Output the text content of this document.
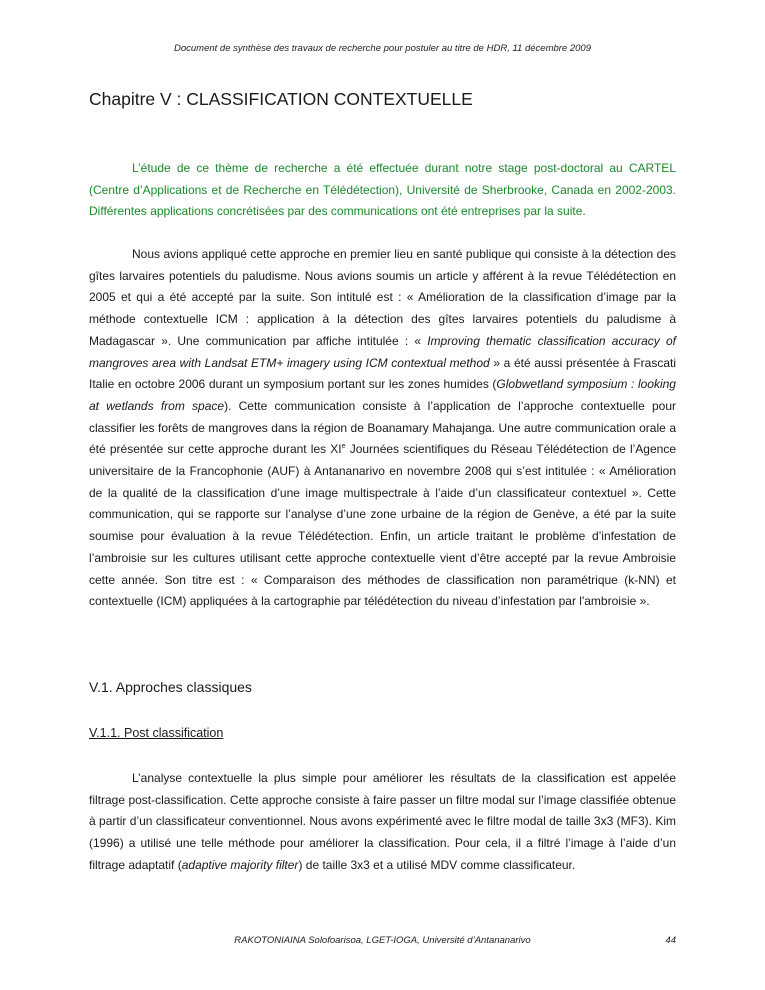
Document de synthèse des travaux de recherche pour postuler au titre de HDR, 11 décembre 2009
Chapitre V : CLASSIFICATION CONTEXTUELLE

L’étude de ce thème de recherche a été effectuée durant notre stage post-doctoral au CARTEL (Centre d’Applications et de Recherche en Télédétection), Université de Sherbrooke, Canada en 2002-2003. Différentes applications concrétisées par des communications ont été entreprises par la suite.

Nous avions appliqué cette approche en premier lieu en santé publique qui consiste à la détection des gîtes larvaires potentiels du paludisme. Nous avions soumis un article y afférent à la revue Télédétection en 2005 et qui a été accepté par la suite. Son intitulé est : « Amélioration de la classification d’image par la méthode contextuelle ICM : application à la détection des gîtes larvaires potentiels du paludisme à Madagascar ». Une communication par affiche intitulée : « Improving thematic classification accuracy of mangroves area with Landsat ETM+ imagery using ICM contextual method » a été aussi présentée à Frascati Italie en octobre 2006 durant un symposium portant sur les zones humides (Globwetland symposium : looking at wetlands from space). Cette communication consiste à l’application de l’approche contextuelle pour classifier les forêts de mangroves dans la région de Boanamary Mahajanga. Une autre communication orale a été présentée sur cette approche durant les XIe Journées scientifiques du Réseau Télédétection de l’Agence universitaire de la Francophonie (AUF) à Antananarivo en novembre 2008 qui s’est intitulée : « Amélioration de la qualité de la classification d’une image multispectrale à l’aide d’un classificateur contextuel ». Cette communication, qui se rapporte sur l’analyse d’une zone urbaine de la région de Genève, a été par la suite soumise pour évaluation à la revue Télédétection. Enfin, un article traitant le problème d’infestation de l’ambroisie sur les cultures utilisant cette approche contextuelle vient d’être accepté par la revue Ambroisie cette année. Son titre est : « Comparaison des méthodes de classification non paramétrique (k-NN) et contextuelle (ICM) appliquées à la cartographie par télédétection du niveau d’infestation par l'ambroisie ».

V.1. Approches classiques
V.1.1. Post classification

L’analyse contextuelle la plus simple pour améliorer les résultats de la classification est appelée filtrage post-classification. Cette approche consiste à faire passer un filtre modal sur l’image classifiée obtenue à partir d’un classificateur conventionnel. Nous avons expérimenté avec le filtre modal de taille 3x3 (MF3). Kim (1996) a utilisé une telle méthode pour améliorer la classification. Pour cela, il a filtré l’image à l’aide d’un filtrage adaptatif (adaptive majority filter) de taille 3x3 et a utilisé MDV comme classificateur.

RAKOTONIAINA Solofoarisoa, LGET-IOGA, Université d’Antananarivo	44
